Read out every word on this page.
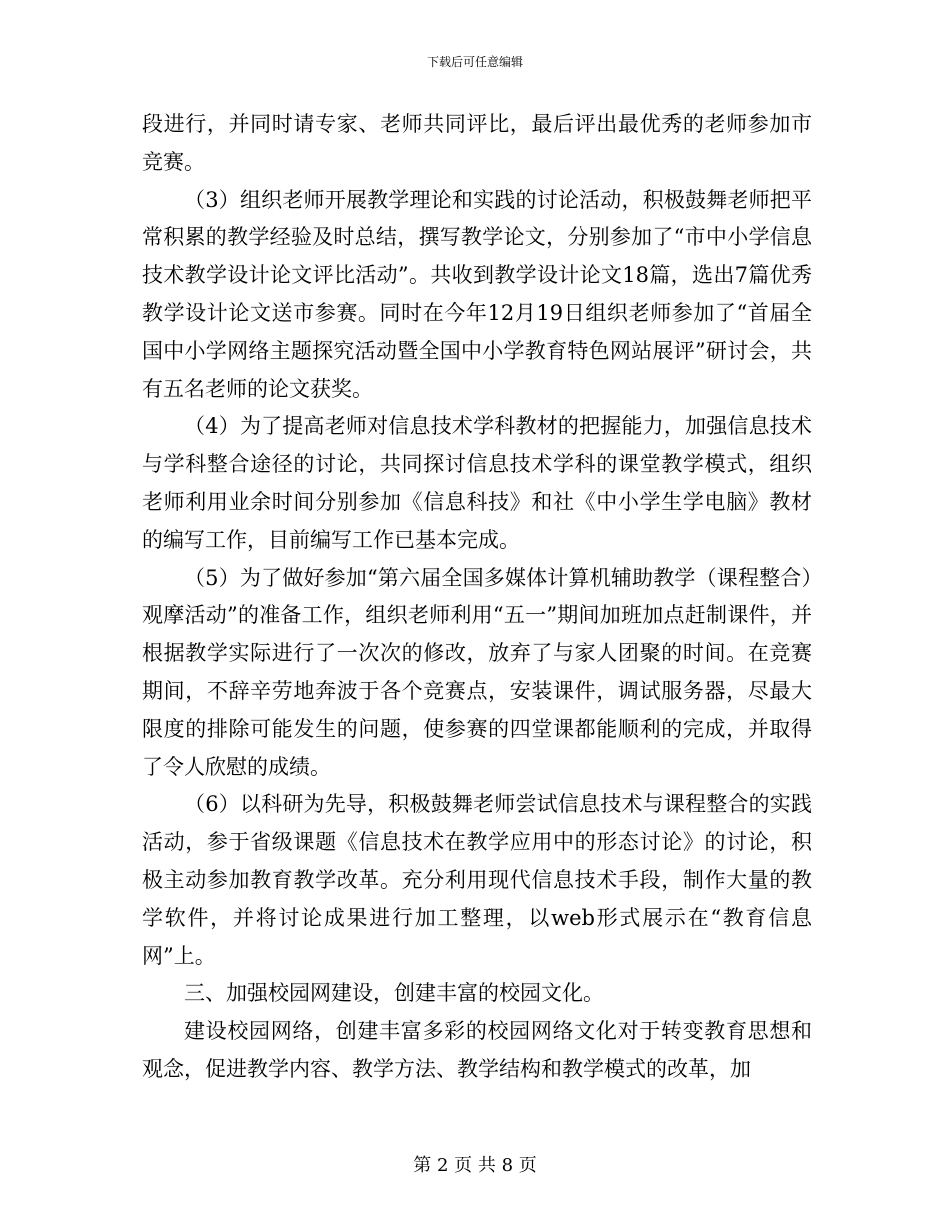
下载后可任意编辑

段进行，并同时请专家、老师共同评比，最后评出最优秀的老师参加市竞赛。

（3）组织老师开展教学理论和实践的讨论活动，积极鼓舞老师把平常积累的教学经验及时总结，撰写教学论文，分别参加了“市中小学信息技术教学设计论文评比活动”。共收到教学设计论文18篇，选出7篇优秀教学设计论文送市参赛。同时在今年12月19日组织老师参加了“首届全国中小学网络主题探究活动暨全国中小学教育特色网站展评”研讨会，共有五名老师的论文获奖。

（4）为了提高老师对信息技术学科教材的把握能力，加强信息技术与学科整合途径的讨论，共同探讨信息技术学科的课堂教学模式，组织老师利用业余时间分别参加《信息科技》和社《中小学生学电脑》教材的编写工作，目前编写工作已基本完成。

（5）为了做好参加“第六届全国多媒体计算机辅助教学（课程整合）观摩活动”的准备工作，组织老师利用“五一”期间加班加点赶制课件，并根据教学实际进行了一次次的修改，放弃了与家人团聚的时间。在竞赛期间，不辞辛劳地奔波于各个竞赛点，安装课件，调试服务器，尽最大限度的排除可能发生的问题，使参赛的四堂课都能顺利的完成，并取得了令人欣慰的成绩。

（6）以科研为先导，积极鼓舞老师尝试信息技术与课程整合的实践活动，参于省级课题《信息技术在教学应用中的形态讨论》的讨论，积极主动参加教育教学改革。充分利用现代信息技术手段，制作大量的教学软件，并将讨论成果进行加工整理，以web形式展示在“教育信息网”上。

三、加强校园网建设，创建丰富的校园文化。

建设校园网络，创建丰富多彩的校园网络文化对于转变教育思想和观念，促进教学内容、教学方法、教学结构和教学模式的改革，加

第 2 页 共 8 页
